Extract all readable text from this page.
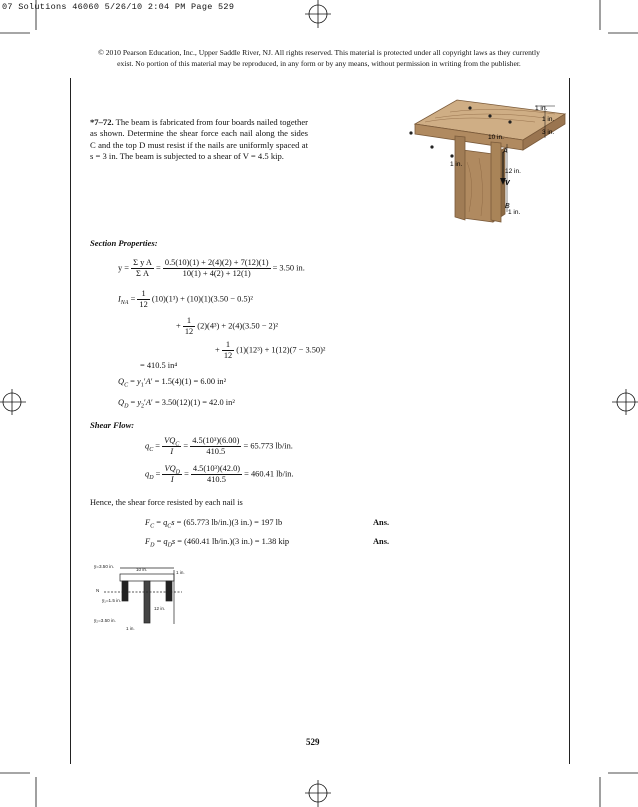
07 Solutions 46060 5/26/10 2:04 PM Page 529
© 2010 Pearson Education, Inc., Upper Saddle River, NJ. All rights reserved. This material is protected under all copyright laws as they currently
exist. No portion of this material may be reproduced, in any form or by any means, without permission in writing from the publisher.
*7–72. The beam is fabricated from four boards nailed together as shown. Determine the shear force each nail along the sides C and the top D must resist if the nails are uniformly spaced at s = 3 in. The beam is subjected to a shear of V = 4.5 kip.
1 in.
1 in.
3 in.
10 in.
1 in.
12 in.
1 in.
A
B
V
Section Properties:
$y = \frac{\text{Σ y A}}{\text{Σ A}} = \frac{0.5(10)(1) + 2(4)(2) + 7(12)(1)}{10(1) + 4(2) + 12(1)} = 3.50$ in.
$I_{NA} = \frac{1}{12} (10)(1^3) + (10)(1)(3.50 - 0.5)^2$
+ $\frac{1}{12} (2)(4^3) + 2(4)(3.50 - 2)^2$
+ $\frac{1}{12} (1)(12^3) + 1(12)(7 - 3.50)^2$
= 410.5 in⁴
$Q_C = y_1'A' = 1.5(4)(1) = 6.00$ in²
$Q_D = y_2'A' = 3.50(12)(1) = 42.0$ in²
Shear Flow:
$q_C = \frac{VQ_C}{I} = \frac{\text{4.5(10³)(6.00)}}{410.5} = 65.773$ lb/in.
$q_D = \frac{VQ_D}{I} = \frac{\text{4.5(10³)(42.0)}}{410.5} = 460.41$ lb/in.
Hence, the shear force resisted by each nail is
$F_C = q_Cs = (65.773$ lb/in.)(3 in.) = 197 lb	Ans.
$F_D = q_Ds = (460.41$ lb/in.)(3 in.) = 1.38 kip	Ans.
ȳ=3.50 in.
10 in.
1 in.
ȳ₁=1.5 in.
12 in.
ȳ₂=3.50 in.
N
1 in.
529
